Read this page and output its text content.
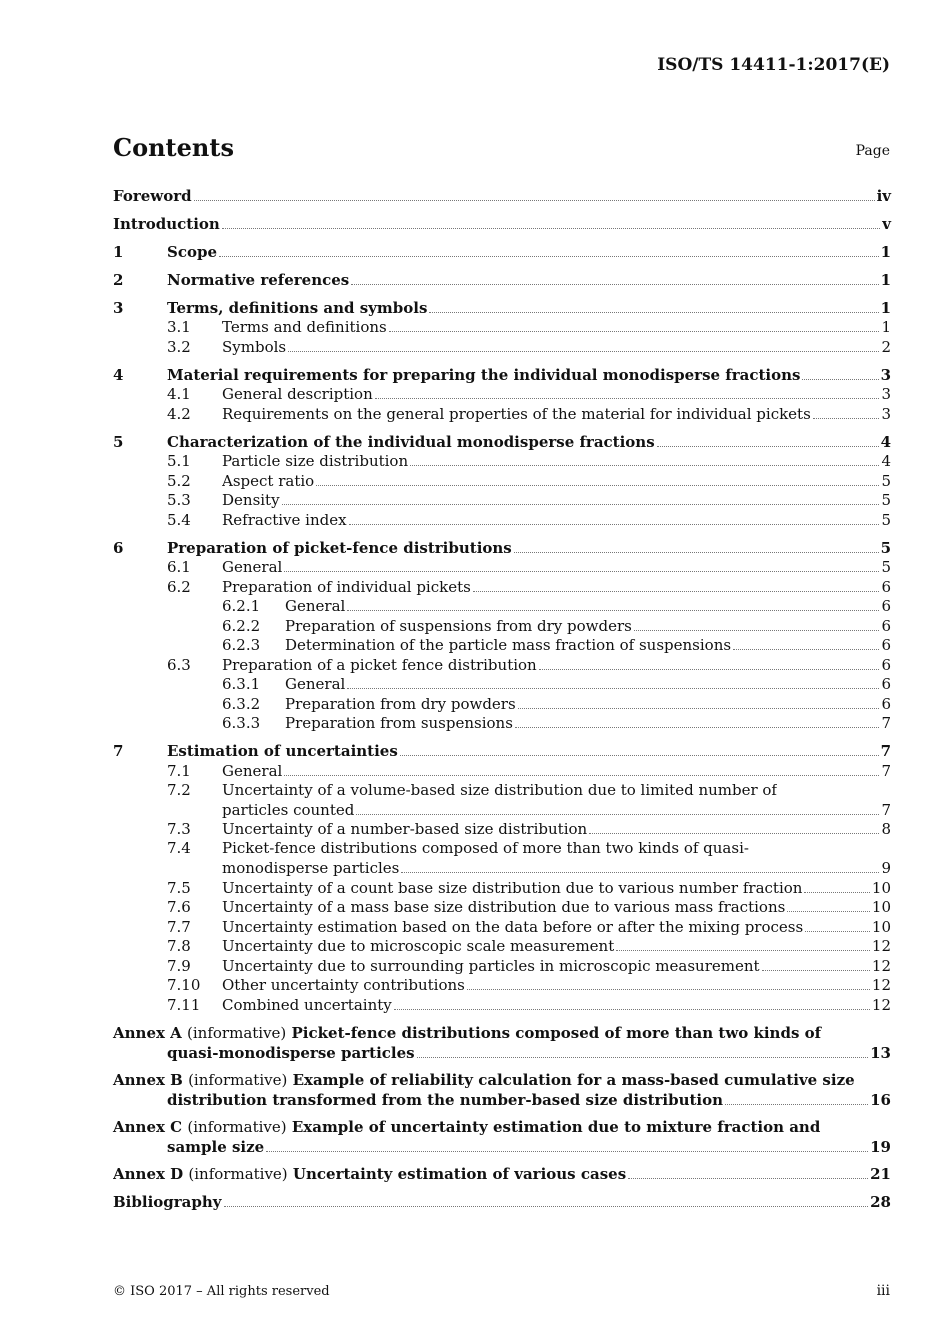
ISO/TS 14411-1:2017(E)
Contents	Page
Foreword	iv
Introduction	v
1	Scope	1
2	Normative references	1
3	Terms, definitions and symbols	1
3.1	Terms and definitions	1
3.2	Symbols	2
4	Material requirements for preparing the individual monodisperse fractions	3
4.1	General description	3
4.2	Requirements on the general properties of the material for individual pickets	3
5	Characterization of the individual monodisperse fractions	4
5.1	Particle size distribution	4
5.2	Aspect ratio	5
5.3	Density	5
5.4	Refractive index	5
6	Preparation of picket-fence distributions	5
6.1	General	5
6.2	Preparation of individual pickets	6
6.2.1	General	6
6.2.2	Preparation of suspensions from dry powders	6
6.2.3	Determination of the particle mass fraction of suspensions	6
6.3	Preparation of a picket fence distribution	6
6.3.1	General	6
6.3.2	Preparation from dry powders	6
6.3.3	Preparation from suspensions	7
7	Estimation of uncertainties	7
7.1	General	7
7.2	Uncertainty of a volume-based size distribution due to limited number of
particles counted	7
7.3	Uncertainty of a number-based size distribution	8
7.4	Picket-fence distributions composed of more than two kinds of quasi-
monodisperse particles	9
7.5	Uncertainty of a count base size distribution due to various number fraction	10
7.6	Uncertainty of a mass base size distribution due to various mass fractions	10
7.7	Uncertainty estimation based on the data before or after the mixing process	10
7.8	Uncertainty due to microscopic scale measurement	12
7.9	Uncertainty due to surrounding particles in microscopic measurement	12
7.10	Other uncertainty contributions	12
7.11	Combined uncertainty	12
Annex A (informative) Picket-fence distributions composed of more than two kinds of
quasi-monodisperse particles	13
Annex B (informative) Example of reliability calculation for a mass-based cumulative size
distribution transformed from the number-based size distribution	16
Annex C (informative) Example of uncertainty estimation due to mixture fraction and
sample size	19
Annex D (informative) Uncertainty estimation of various cases	21
Bibliography	28
© ISO 2017 – All rights reserved	iii
